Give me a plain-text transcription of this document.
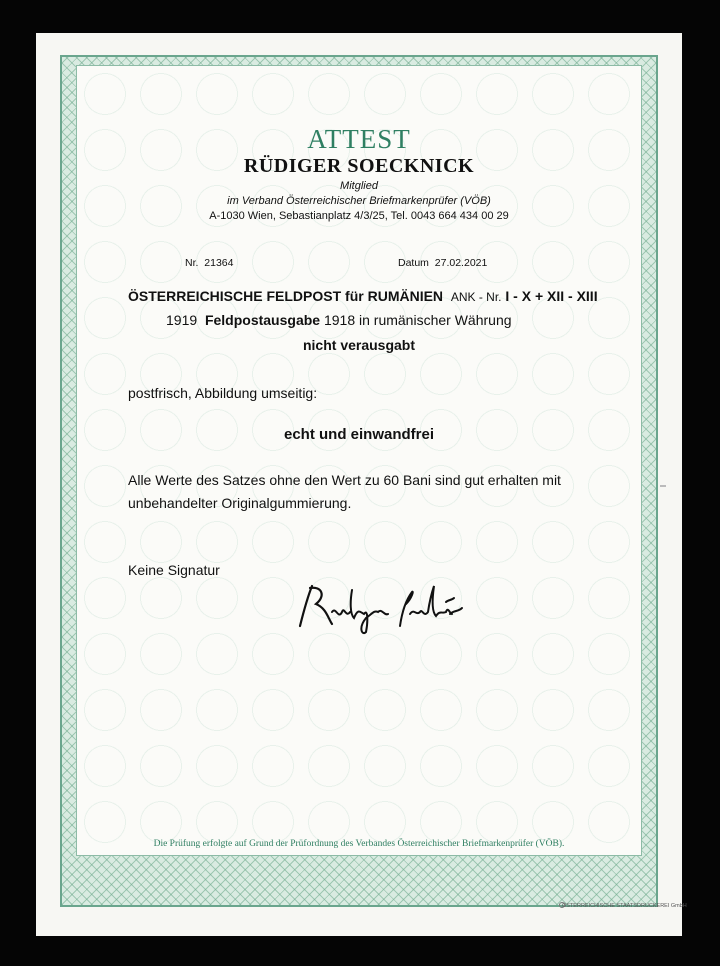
ATTEST
RÜDIGER SOECKNICK
Mitglied
im Verband Österreichischer Briefmarkenprüfer (VÖB)
A-1030 Wien, Sebastianplatz 4/3/25, Tel. 0043 664 434 00 29
Nr. 21364	Datum 27.02.2021
ÖSTERREICHISCHE FELDPOST für RUMÄNIEN ANK - Nr. I - X + XII - XIII
1919 Feldpostausgabe 1918 in rumänischer Währung
nicht verausgabt
postfrisch, Abbildung umseitig:
echt und einwandfrei
Alle Werte des Satzes ohne den Wert zu 60 Bani sind gut erhalten mit
unbehandelter Originalgummierung.
Keine Signatur
Die Prüfung erfolgte auf Grund der Prüfordnung des Verbandes Österreichischer Briefmarkenprüfer (VÖB).
ÖSTERREICHISCHE STAATSDRUCKEREI GmbH
